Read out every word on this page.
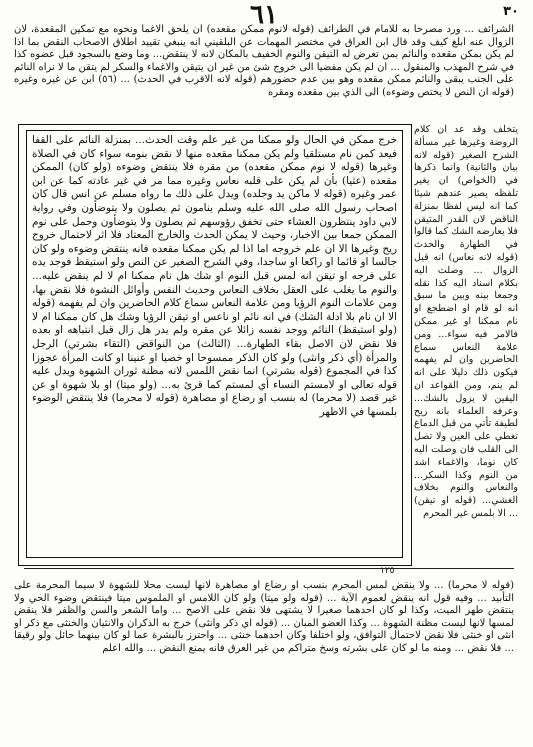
٣٠
٦١

الشرائف ... ورد مصرحا به للامام في الطرائف (قوله لانوم ممكن مقعده) ان يلحق الاغما ونحوه مع تمكين المقعدة، لان الزوال عنه ابلغ كيف وقد قال ابن العراق في مختصر المهمات عن البلقيني انه ينبغي تقييد اطلاق الاصحاب النقض بما اذا لم يكن بمكن مقعده والنائم بمن تعرض له التيقن والنوم الخفيف بالمكان لانه لا ينتقض... وما وضع بالسجود قبل عضوه كذا في شرح المهذب والمنقول ... ان لم يكن مفضيا الى خروج شئ من غير ان يتيقن والاغماء والسكر لم يتقن ما لا نراه النائم على الجنب يبقى والنائم ممكن مقعده وهو بين عدم حضورهم (قوله لانه الاقرب في الحدث) ... (٥٦) ابن عن غيره وغيره (قوله ان النص لا يختص وضوءه) الى الذي بين مقعده ومقره

خرج ممكن في الحال ولو ممكنا من غير علم وقت الحدث... بمنزلة النائم على القفا فيعد كمن نام مستلقيا ولم يكن ممكنا مقعده منها لا نقض بنومه سواء كان في الصلاة وغيرها (قوله لا نوم ممكن مقعده) من مقره فلا ينتقض وضوءه (ولو كان) الممكن مقعده (عثيا) بأن لم يكن على قلبه نعاس وغيره مما مر في غير عادته كما عن ابن عمر وغيره (قوله لا ماكن يد وجلده) ويدل على ذلك ما رواه مسلم عن انس قال كان اصحاب رسول الله صلى الله عليه وسلم ينامون ثم يصلون ولا يتوضأون وفي رواية لابي داود ينتظرون العشاء حتى تخفق رؤوسهم ثم يصلون ولا يتوضأون وحمل على نوم الممكن جمعا بين الاخبار، وحيث لا يمكن الحدث والخارج المعتاد فلا اثر لاحتمال خروج ريح وغيرها الا ان علم خروجه اما اذا لم يكن ممكنا مقعده فانه ينتقض وضوءه ولو كان جالسا او قائما او راكعا او ساجدا، وفي الشرح الصغير عن النص ولو استيقظ فوجد يده على فرجه او تيقن انه لمس قبل النوم او شك هل نام ممكنا ام لا لم ينقض عليه... والنوم ما يغلب على العقل بخلاف النعاس وحديث النفس وأوائل النشوة فلا نقض بها، ومن علامات النوم الرؤيا ومن علامة النعاس سماع كلام الحاضرين وان لم يفهمه (قوله الا ان نام بلا ادلة الشك) في انه نائم او ناعس او تيقن الرؤيا وشك هل كان ممكنا ام لا (ولو استيقظ) النائم ووجد نفسه زائلا عن مقره ولم يدر هل زال قبل انتباهه او بعده فلا نقض لان الاصل بقاء الطهارة... (الثالث) من النواقض (التقاء بشرتي) الرجل والمرأة (أي ذكر وانثى) ولو كان الذكر ممسوحا او خصيا او عنينا او كانت المرأة عجوزا كذا في المجموع (قوله بشرتي) انما نقض اللمس لانه مظنة ثوران الشهوة ويدل عليه قوله تعالى او لامستم النساء أي لمستم كما قرئ به... (ولو ميتا) او بلا شهوة او عن غير قصد (لا محرما) له بنسب او رضاع او مصاهرة (قوله لا محرما) فلا ينتقض الوضوء بلمسها في الاظهر

يتخلف وقد عد ان كلام الروضة وغيرها غير مسألة الشرح الصغير (قوله لانه بيان والثانية) وانما ذكرها في (الخواص) ان يغير تلفظه يصير عندهم شيئا كما انه ليس لفظا بمنزلة الناقض لان القدر المتيقن فلا يعارضه الشك كما قالوا في الطهارة والحدث (قوله لانه نعاس) انه قيل الزوال ... وصلت اليه بكلام اسناد اليه كذا نقله وجمعا بينه وبين ما سبق انه لو قام او اضطجع او نام ممكنا او غير ممكن فالامر فيه سواء... ومن علامة النعاس سماع الحاضرين وان لم يفهمه فيكون ذلك دليلا على انه لم ينم، ومن القواعد ان اليقين لا يزول بالشك... وعرفه العلماء بانه ريح لطيفة تأتي من قبل الدماغ تغطي على العين ولا تصل الى القلب فان وصلت اليه كان نوما، والاغماء اشد من النوم وكذا السكر... والنعاس والنوم بخلاف الغشي... (قوله او تيقن) ... الا بلمس غير المحرم

١٢٥

(قوله لا محرما) ... ولا ينقض لمس المحرم بنسب او رضاع او مصاهرة لانها ليست محلا للشهوة لا سيما المحرمة على التأبيد ... وفيه قول انه ينقض لعموم الآية ... (قوله ولو ميتا) ولو كان اللامس او الملموس ميتا فينتقض وضوء الحي ولا ينتقض طهر الميت، وكذا لو كان احدهما صغيرا لا يشتهى فلا نقض على الاصح ... واما الشعر والسن والظفر فلا ينقض لمسها لانها ليست مظنة الشهوة ... وكذا العضو المبان ... (قوله اي ذكر وانثى) خرج به الذكران والانثيان والخنثى مع ذكر او انثى او خنثى فلا نقض لاحتمال التوافق، ولو اختلفا وكان احدهما خنثى ... واحترز بالبشرة عما لو كان بينهما حائل ولو رقيقا ... فلا نقض ... ومنه ما لو كان على بشرته وسخ متراكم من غير العرق فانه يمنع النقض ... والله اعلم
